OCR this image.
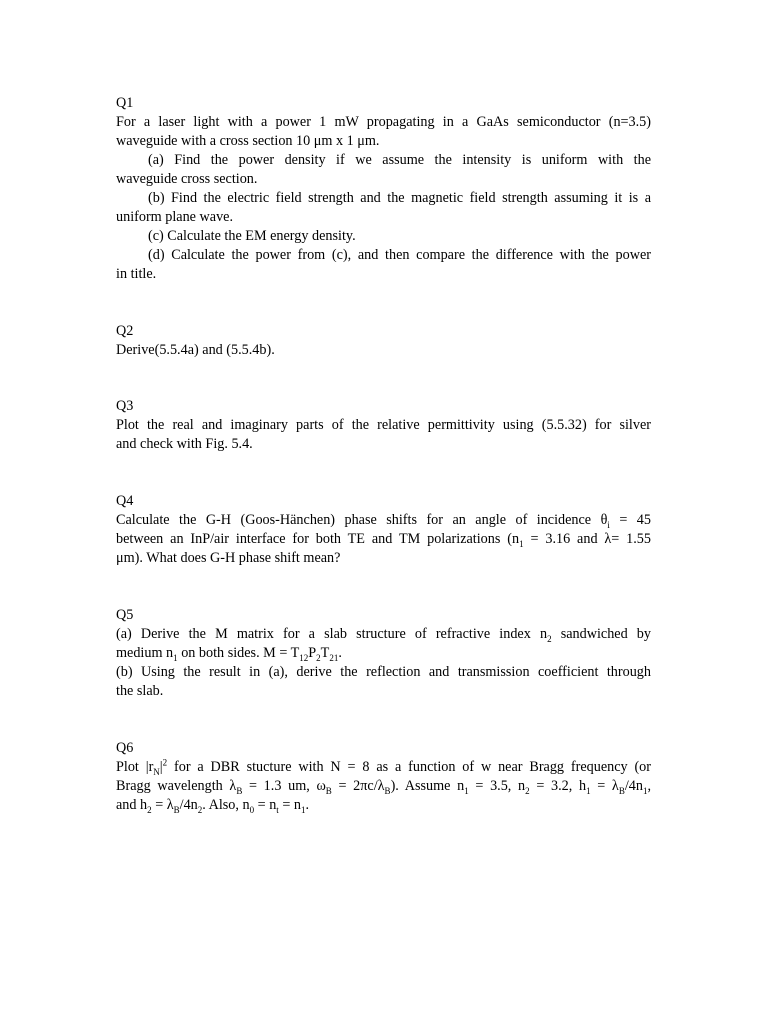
Q1
For a laser light with a power 1 mW propagating in a GaAs semiconductor (n=3.5)
waveguide with a cross section 10 μm x 1 μm.
(a) Find the power density if we assume the intensity is uniform with the
waveguide cross section.
(b) Find the electric field strength and the magnetic field strength assuming it is a
uniform plane wave.
(c) Calculate the EM energy density.
(d) Calculate the power from (c), and then compare the difference with the power
in title.
Q2
Derive(5.5.4a) and (5.5.4b).
Q3
Plot the real and imaginary parts of the relative permittivity using (5.5.32) for silver
and check with Fig. 5.4.
Q4
Calculate the G-H (Goos-Hänchen) phase shifts for an angle of incidence $\theta_i = 45$
between an InP/air interface for both TE and TM polarizations ($n_1 = 3.16$ and λ= 1.55
μm). What does G-H phase shift mean?
Q5
(a) Derive the M matrix for a slab structure of refractive index $n_2$ sandwiched by
medium $n_1$ on both sides. $M = T_{12}P_2T_{21}$.
(b) Using the result in (a), derive the reflection and transmission coefficient through
the slab.
Q6
Plot $|r_N|^2$ for a DBR stucture with N = 8 as a function of w near Bragg frequency (or
Bragg wavelength $\lambda_B = 1.3$ um, $\omega_B = 2\pi c/\lambda_B$). Assume $n_1 = 3.5$, $n_2 = 3.2$, $h_1 = \lambda_B/4n_1$,
and $h_2 = \lambda_B/4n_2$. Also, $n_0 = n_t = n_1$.
